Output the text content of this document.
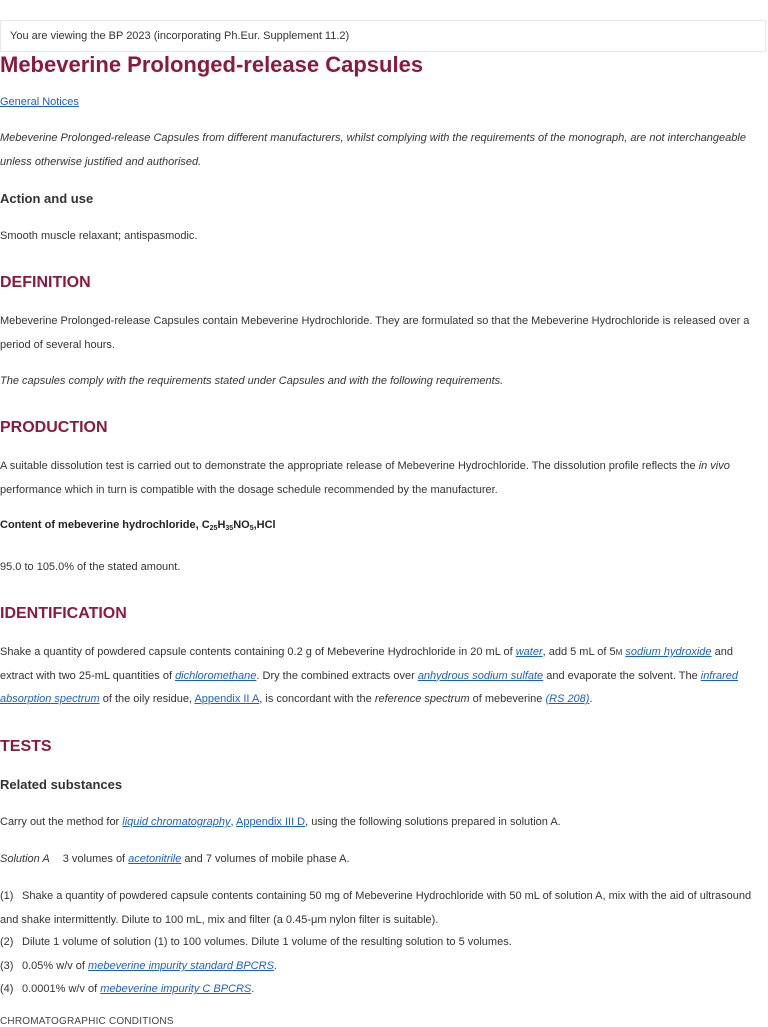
You are viewing the BP 2023 (incorporating Ph.Eur. Supplement 11.2)
Mebeverine Prolonged-release Capsules
General Notices

Mebeverine Prolonged-release Capsules from different manufacturers, whilst complying with the requirements of the monograph, are not interchangeable unless otherwise justified and authorised.

Action and use

Smooth muscle relaxant; antispasmodic.

DEFINITION

Mebeverine Prolonged-release Capsules contain Mebeverine Hydrochloride. They are formulated so that the Mebeverine Hydrochloride is released over a period of several hours.

The capsules comply with the requirements stated under Capsules and with the following requirements.

PRODUCTION

A suitable dissolution test is carried out to demonstrate the appropriate release of Mebeverine Hydrochloride. The dissolution profile reflects the in vivo performance which in turn is compatible with the dosage schedule recommended by the manufacturer.

Content of mebeverine hydrochloride, $C_{25}H_{35}NO_5,HCl$

95.0 to 105.0% of the stated amount.

IDENTIFICATION

Shake a quantity of powdered capsule contents containing 0.2 g of Mebeverine Hydrochloride in 20 mL of water, add 5 mL of 5M sodium hydroxide and extract with two 25-mL quantities of dichloromethane. Dry the combined extracts over anhydrous sodium sulfate and evaporate the solvent. The infrared absorption spectrum of the oily residue, Appendix II A, is concordant with the reference spectrum of mebeverine (RS 208).

TESTS
Related substances

Carry out the method for liquid chromatography, Appendix III D, using the following solutions prepared in solution A.

Solution A 3 volumes of acetonitrile and 7 volumes of mobile phase A.

(1) Shake a quantity of powdered capsule contents containing 50 mg of Mebeverine Hydrochloride with 50 mL of solution A, mix with the aid of ultrasound and shake intermittently. Dilute to 100 mL, mix and filter (a 0.45-μm nylon filter is suitable).

(2) Dilute 1 volume of solution (1) to 100 volumes. Dilute 1 volume of the resulting solution to 5 volumes.

(3) 0.05% w/v of mebeverine impurity standard BPCRS.

(4) 0.0001% w/v of mebeverine impurity C BPCRS.

CHROMATOGRAPHIC CONDITIONS
